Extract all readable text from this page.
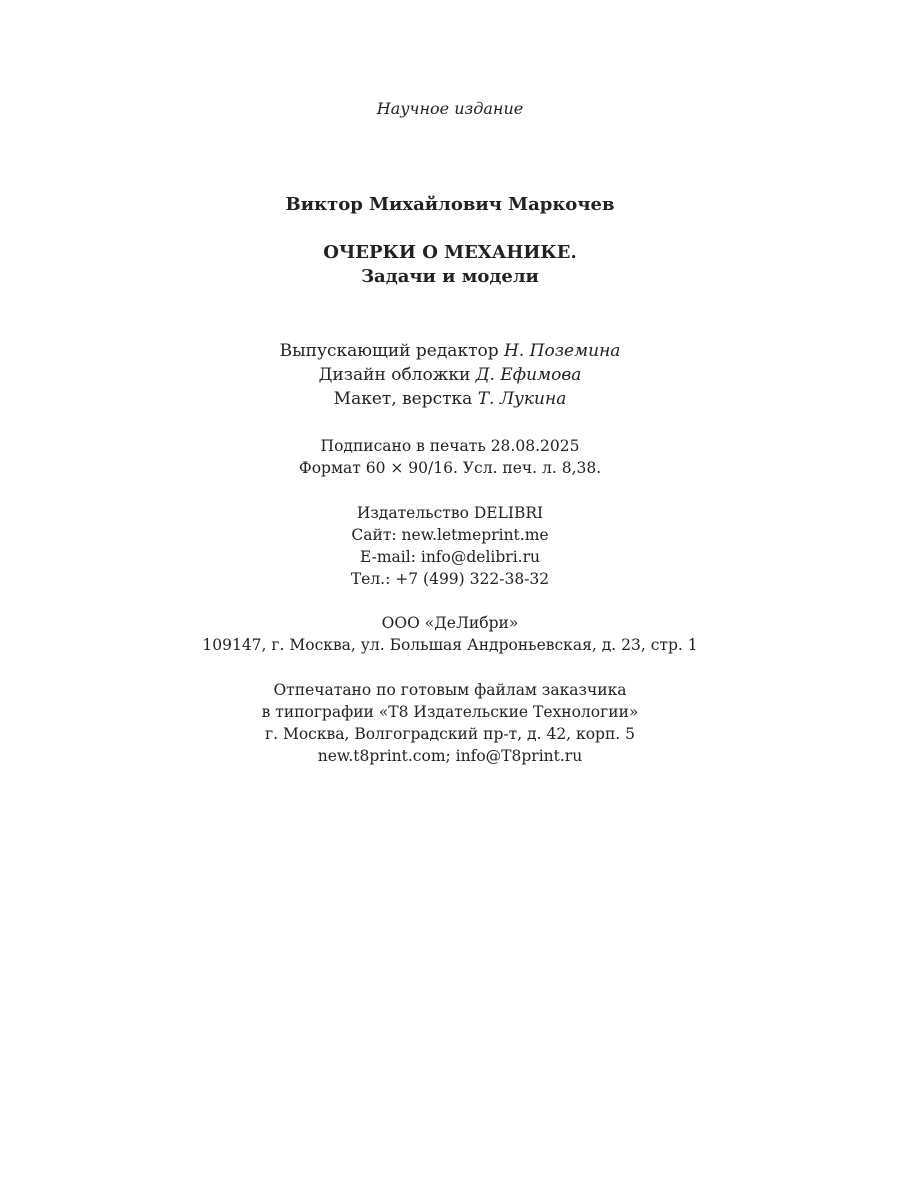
Научное издание
Виктор Михайлович Маркочев
ОЧЕРКИ О МЕХАНИКЕ.
Задачи и модели
Выпускающий редактор Н. Поземина
Дизайн обложки Д. Ефимова
Макет, верстка Т. Лукина
Подписано в печать 28.08.2025
Формат 60 × 90/16. Усл. печ. л. 8,38.
Издательство DELIBRI
Сайт: new.letmeprint.me
E-mail: info@delibri.ru
Тел.: +7 (499) 322-38-32
ООО «ДеЛибри»
109147, г. Москва, ул. Большая Андроньевская, д. 23, стр. 1
Отпечатано по готовым файлам заказчика
в типографии «Т8 Издательские Технологии»
г. Москва, Волгоградский пр-т, д. 42, корп. 5
new.t8print.com; info@T8print.ru
